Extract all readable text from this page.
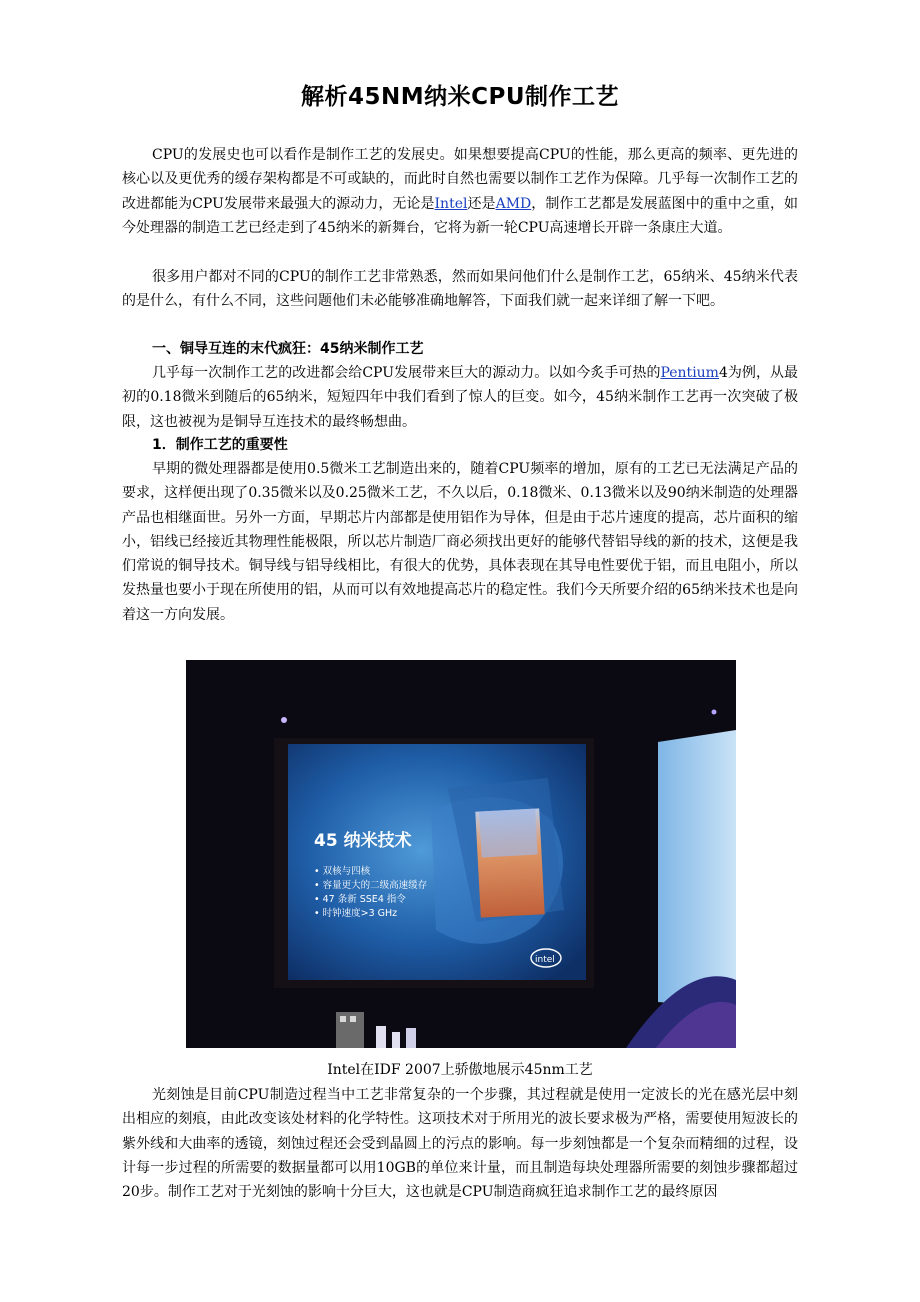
解析45NM纳米CPU制作工艺

CPU的发展史也可以看作是制作工艺的发展史。如果想要提高CPU的性能，那么更高的频率、更先进的核心以及更优秀的缓存架构都是不可或缺的，而此时自然也需要以制作工艺作为保障。几乎每一次制作工艺的改进都能为CPU发展带来最强大的源动力，无论是Intel还是AMD，制作工艺都是发展蓝图中的重中之重，如今处理器的制造工艺已经走到了45纳米的新舞台，它将为新一轮CPU高速增长开辟一条康庄大道。

很多用户都对不同的CPU的制作工艺非常熟悉，然而如果问他们什么是制作工艺，65纳米、45纳米代表的是什么，有什么不同，这些问题他们未必能够准确地解答，下面我们就一起来详细了解一下吧。

一、铜导互连的末代疯狂：45纳米制作工艺

几乎每一次制作工艺的改进都会给CPU发展带来巨大的源动力。以如今炙手可热的Pentium4为例，从最初的0.18微米到随后的65纳米，短短四年中我们看到了惊人的巨变。如今，45纳米制作工艺再一次突破了极限，这也被视为是铜导互连技术的最终畅想曲。

1．制作工艺的重要性

早期的微处理器都是使用0.5微米工艺制造出来的，随着CPU频率的增加，原有的工艺已无法满足产品的要求，这样便出现了0.35微米以及0.25微米工艺，不久以后，0.18微米、0.13微米以及90纳米制造的处理器产品也相继面世。另外一方面，早期芯片内部都是使用铝作为导体，但是由于芯片速度的提高，芯片面积的缩小，铝线已经接近其物理性能极限，所以芯片制造厂商必须找出更好的能够代替铝导线的新的技术，这便是我们常说的铜导技术。铜导线与铝导线相比，有很大的优势，具体表现在其导电性要优于铝，而且电阻小，所以发热量也要小于现在所使用的铝，从而可以有效地提高芯片的稳定性。我们今天所要介绍的65纳米技术也是向着这一方向发展。

45 纳米技术
• 双核与四核
• 容量更大的二级高速缓存
• 47 条新 SSE4 指令
• 时钟速度>3 GHz
intel

Intel在IDF 2007上骄傲地展示45nm工艺

光刻蚀是目前CPU制造过程当中工艺非常复杂的一个步骤，其过程就是使用一定波长的光在感光层中刻出相应的刻痕，由此改变该处材料的化学特性。这项技术对于所用光的波长要求极为严格，需要使用短波长的紫外线和大曲率的透镜，刻蚀过程还会受到晶圆上的污点的影响。每一步刻蚀都是一个复杂而精细的过程，设计每一步过程的所需要的数据量都可以用10GB的单位来计量，而且制造每块处理器所需要的刻蚀步骤都超过20步。制作工艺对于光刻蚀的影响十分巨大，这也就是CPU制造商疯狂追求制作工艺的最终原因
